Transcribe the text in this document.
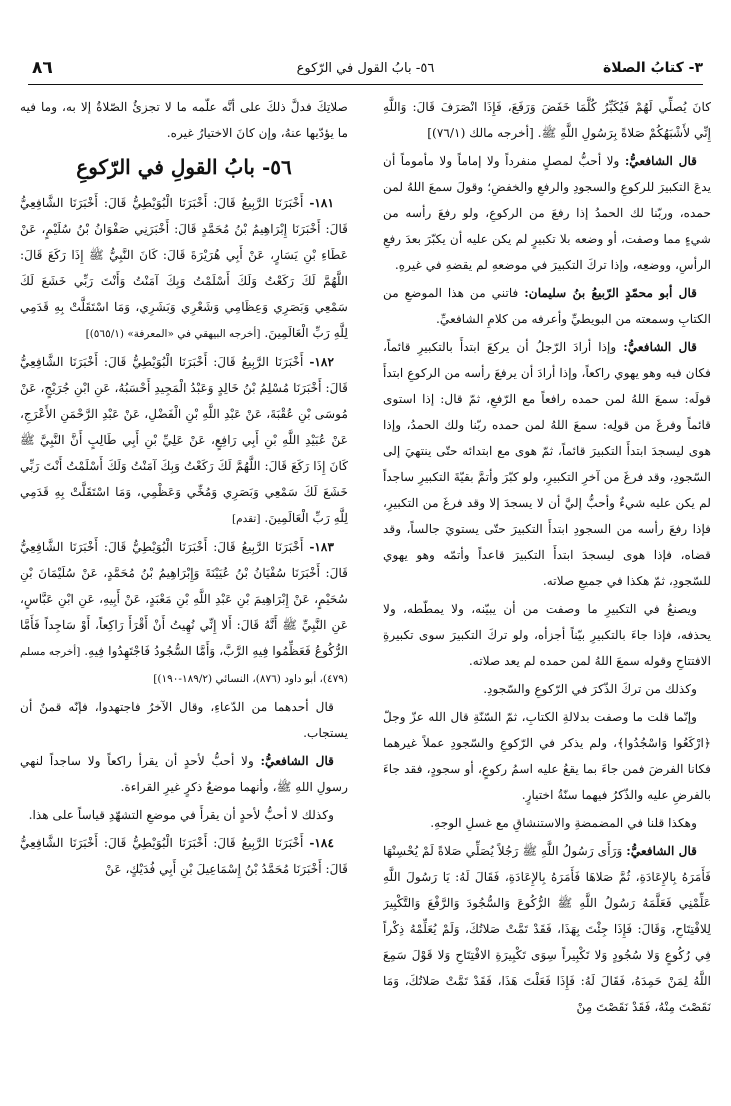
٣- كتابُ الصلاة
٥٦- بابُ القول في الرّكوع
٨٦

كانَ يُصلِّي لَهُمْ فَيُكَبِّرُ كُلَّمَا خَفَضَ وَرَفَعَ، فَإِذَا انْصَرَفَ قَالَ: وَاللَّهِ إِنِّي لأَشْبَهُكُمْ صَلاةً بِرَسُولِ اللَّهِ ﷺ. [أخرجه مالك (٧٦/١)]

قال الشافعيُّ: ولا أحبُّ لمصلٍ منفرداً ولا إماماً ولا مأموماً أن يدعَ التكبيرَ للركوعِ والسجودِ والرفعِ والخفضِ؛ وقولَ سمعَ اللهُ لمن حمده، وربّنا لك الحمدُ إذا رفعَ من الركوعِ، ولو رفعَ رأسه من شيءٍ مما وصفت، أو وضعه بلا تكبيرٍ لم يكن عليه أن يكبّرَ بعدَ رفعِ الرأسِ، ووضعِه، وإذا تركَ التكبيرَ في موضعهِ لم يقضهِ في غيرهِ.

قال أبو محمّدٍ الرّبيعُ بنُ سليمان: فاتني من هذا الموضعِ من الكتابِ وسمعته من البويطيِّ وأعرفه من كلامِ الشافعيِّ.

قال الشافعيُّ: وإذا أرادَ الرّجلُ أن يركعَ ابتدأَ بالتكبيرِ قائماً، فكان فيه وهو يهوي راكعاً، وإذا أرادَ أن يرفعَ رأسه من الركوعِ ابتدأَ قولَه: سمعَ اللهُ لمن حمده رافعاً مع الرّفعِ، ثمّ قال: إذا استوى قائماً وفرغَ من قولِه: سمعَ اللهُ لمن حمده ربّنا ولك الحمدُ، وإذا هوى ليسجدَ ابتدأَ التكبيرَ قائماً، ثمّ هوى مع ابتدائه حتّى ينتهيَ إلى السّجودِ، وقد فرغَ من آخرِ التكبيرِ، ولو كبّرَ وأتمَّ بقيّةَ التكبيرِ ساجداً لم يكن عليه شيءٌ وأحبُّ إليَّ أن لا يسجدَ إلا وقد فرغَ من التكبيرِ، فإذا رفعَ رأسه من السجودِ ابتدأَ التكبيرَ حتّى يستويَ جالساً، وقد قضاه، فإذا هوى ليسجدَ ابتدأَ التكبيرَ قاعداً وأتمّه وهو يهوي للسّجودِ، ثمّ هكذا في جميعِ صلاته.

ويصنعُ في التكبيرِ ما وصفت من أن يبيّنه، ولا يمطّطه، ولا يحذفه، فإذا جاءَ بالتكبيرِ بيّناً أجزأه، ولو تركَ التكبيرَ سوى تكبيرةِ الافتتاحِ وقوله سمعَ اللهُ لمن حمده لم يعد صلاته.

وكذلك من تركَ الذّكرَ في الرّكوعِ والسّجودِ.

وإنّما قلت ما وصفت بدلالةِ الكتابِ، ثمّ السّنّةِ قال الله عزّ وجلّ ﴿ارْكَعُوا وَاسْجُدُوا﴾، ولم يذكر في الرّكوعِ والسّجودِ عملاً غيرهما فكانا الفرضَ فمن جاءَ بما يقعُ عليه اسمُ ركوعٍ، أو سجودٍ، فقد جاءَ بالفرضِ عليه والذّكرُ فيهما سنّةُ اختيارٍ.

وهكذا قلنا في المضمضةِ والاستنشاقِ مع غسلِ الوجهِ.

قال الشافعيُّ: وَرَأَى رَسُولُ اللَّهِ ﷺ رَجُلاً يُصَلِّي صَلاةً لَمْ يُحْسِنْهَا فَأَمَرَهُ بِالإِعَادَةِ، ثُمَّ صَلاهَا فَأَمَرَهُ بِالإِعَادَةِ، فَقَالَ لَهُ: يَا رَسُولَ اللَّهِ عَلِّمْنِي فَعَلَّمَهُ رَسُولُ اللَّهِ ﷺ الرُّكُوعَ وَالسُّجُودَ وَالرَّفْعَ وَالتَّكْبِيرَ لِلافْتِتَاحِ، وَقَالَ: فَإِذَا جِئْتَ بِهَذَا، فَقَدْ تَمَّتْ صَلاتُكَ، وَلَمْ يُعَلِّمْهُ ذِكْراً فِي رُكُوعٍ وَلا سُجُودٍ وَلا تَكْبِيراً سِوَى تَكْبِيرَةِ الافْتِتَاحِ وَلا قَوْلَ سَمِعَ اللَّهُ لِمَنْ حَمِدَهُ، فَقَالَ لَهُ: فَإِذَا فَعَلْتَ هَذَا، فَقَدْ تَمَّتْ صَلاتُكَ، وَمَا نَقَصْتَ مِنْهُ، فَقَدْ نَقَصْتَ مِنْ

صلاتِكَ فدلَّ ذلكَ على أنَّه علّمه ما لا تجزئُ الصّلاةُ إلا به، وما فيه ما يؤدّيها عنهُ، وإن كانَ الاختيارُ غيره.

٥٦- بابُ القولِ في الرّكوعِ

١٨١- أَخْبَرَنَا الرَّبِيعُ قَالَ: أَخْبَرَنَا الْبُوَيْطِيُّ قَالَ: أَخْبَرَنَا الشَّافِعِيُّ قَالَ: أَخْبَرَنَا إِبْرَاهِيمُ بْنُ مُحَمَّدٍ قَالَ: أَخْبَرَنِي صَفْوَانُ بْنُ سُلَيْمٍ، عَنْ عَطَاءِ بْنِ يَسَارٍ، عَنْ أَبِي هُرَيْرَةَ قَالَ: كَانَ النَّبِيُّ ﷺ إِذَا رَكَعَ قَالَ: اللَّهُمَّ لَكَ رَكَعْتُ وَلَكَ أَسْلَمْتُ وَبِكَ آمَنْتُ وَأَنْتَ رَبِّي خَشَعَ لَكَ سَمْعِي وَبَصَرِي وَعِظَامِي وَشَعْرِي وَبَشَرِي، وَمَا اسْتَقَلَّتْ بِهِ قَدَمِي لِلَّهِ رَبِّ الْعَالَمِينَ. [أخرجه البيهقي في «المعرفة» (٥٦٥/١)]

١٨٢- أَخْبَرَنَا الرَّبِيعُ قَالَ: أَخْبَرَنَا الْبُوَيْطِيُّ قَالَ: أَخْبَرَنَا الشَّافِعِيُّ قَالَ: أَخْبَرَنَا مُسْلِمُ بْنُ خَالِدٍ وَعَبْدُ الْمَجِيدِ أَحْسَبُهُ، عَنِ ابْنِ جُرَيْجٍ، عَنْ مُوسَى بْنِ عُقْبَةَ، عَنْ عَبْدِ اللَّهِ بْنِ الْفَضْلِ، عَنْ عَبْدِ الرَّحْمَنِ الأَعْرَجِ، عَنْ عُبَيْدِ اللَّهِ بْنِ أَبِي رَافِعٍ، عَنْ عَلِيِّ بْنِ أَبِي طَالِبٍ أَنَّ النَّبِيَّ ﷺ كَانَ إِذَا رَكَعَ قَالَ: اللَّهُمَّ لَكَ رَكَعْتُ وَبِكَ آمَنْتُ وَلَكَ أَسْلَمْتُ أَنْتَ رَبِّي خَشَعَ لَكَ سَمْعِي وَبَصَرِي وَمُخِّي وَعَظْمِي، وَمَا اسْتَقَلَّتْ بِهِ قَدَمِي لِلَّهِ رَبِّ الْعَالَمِينَ. [تقدم]

١٨٣- أَخْبَرَنَا الرَّبِيعُ قَالَ: أَخْبَرَنَا الْبُوَيْطِيُّ قَالَ: أَخْبَرَنَا الشَّافِعِيُّ قَالَ: أَخْبَرَنَا سُفْيَانُ بْنُ عُيَيْنَةَ وَإِبْرَاهِيمُ بْنُ مُحَمَّدٍ، عَنْ سُلَيْمَانَ بْنِ سُحَيْمٍ، عَنْ إِبْرَاهِيمَ بْنِ عَبْدِ اللَّهِ بْنِ مَعْبَدٍ، عَنْ أَبِيهِ، عَنِ ابْنِ عَبَّاسٍ، عَنِ النَّبِيِّ ﷺ أَنَّهُ قَالَ: أَلا إِنِّي نُهِيتُ أَنْ أَقْرَأَ رَاكِعاً، أَوْ سَاجِداً فَأَمَّا الرُّكُوعُ فَعَظِّمُوا فِيهِ الرَّبَّ، وَأَمَّا السُّجُودُ فَاجْتَهِدُوا فِيهِ. [أخرجه مسلم (٤٧٩)، أبو داود (٨٧٦)، النسائي (١٨٩/٢-١٩٠)]

قال أحدهما من الدّعاءِ، وقال الآخرُ فاجتهدوا، فإنّه قمنٌ أن يستجاب.

قال الشافعيُّ: ولا أحبُّ لأحدٍ أن يقرأ راكعاً ولا ساجداً لنهي رسولِ اللهِ ﷺ، وأنهما موضعُ ذكرٍ غيرِ القراءة.

وكذلك لا أحبُّ لأحدٍ أن يقرأَ في موضعِ التشهّدِ قياساً على هذا.

١٨٤- أَخْبَرَنَا الرَّبِيعُ قَالَ: أَخْبَرَنَا الْبُوَيْطِيُّ قَالَ: أَخْبَرَنَا الشَّافِعِيُّ قَالَ: أَخْبَرَنَا مُحَمَّدُ بْنُ إِسْمَاعِيلَ بْنِ أَبِي فُدَيْكٍ، عَنْ
